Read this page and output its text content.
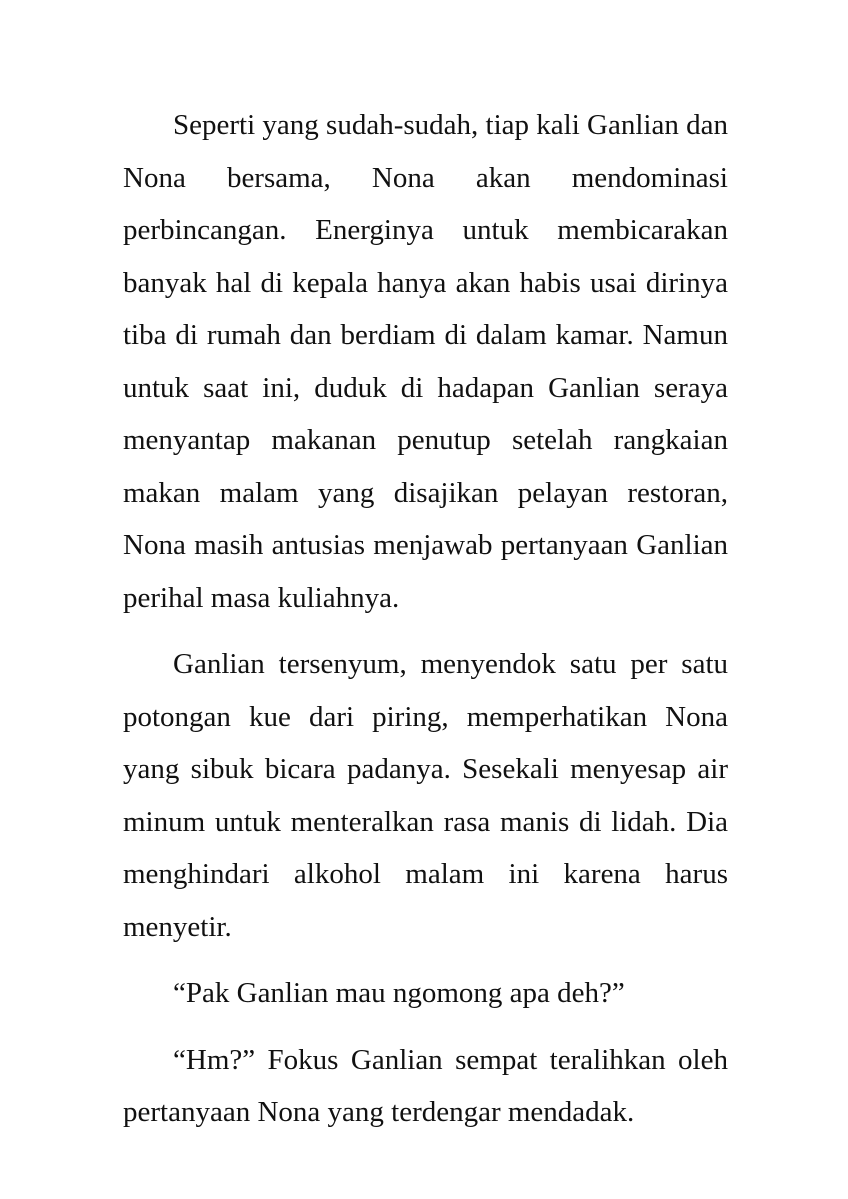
Seperti yang sudah-sudah, tiap kali Ganlian dan Nona bersama, Nona akan mendominasi perbincangan. Energinya untuk membicarakan banyak hal di kepala hanya akan habis usai dirinya tiba di rumah dan berdiam di dalam kamar. Namun untuk saat ini, duduk di hadapan Ganlian seraya menyantap makanan penutup setelah rangkaian makan malam yang disajikan pelayan restoran, Nona masih antusias menjawab pertanyaan Ganlian perihal masa kuliahnya.

Ganlian tersenyum, menyendok satu per satu potongan kue dari piring, memperhatikan Nona yang sibuk bicara padanya. Sesekali menyesap air minum untuk menteralkan rasa manis di lidah. Dia menghindari alkohol malam ini karena harus menyetir.

“Pak Ganlian mau ngomong apa deh?”

“Hm?” Fokus Ganlian sempat teralihkan oleh pertanyaan Nona yang terdengar mendadak.
